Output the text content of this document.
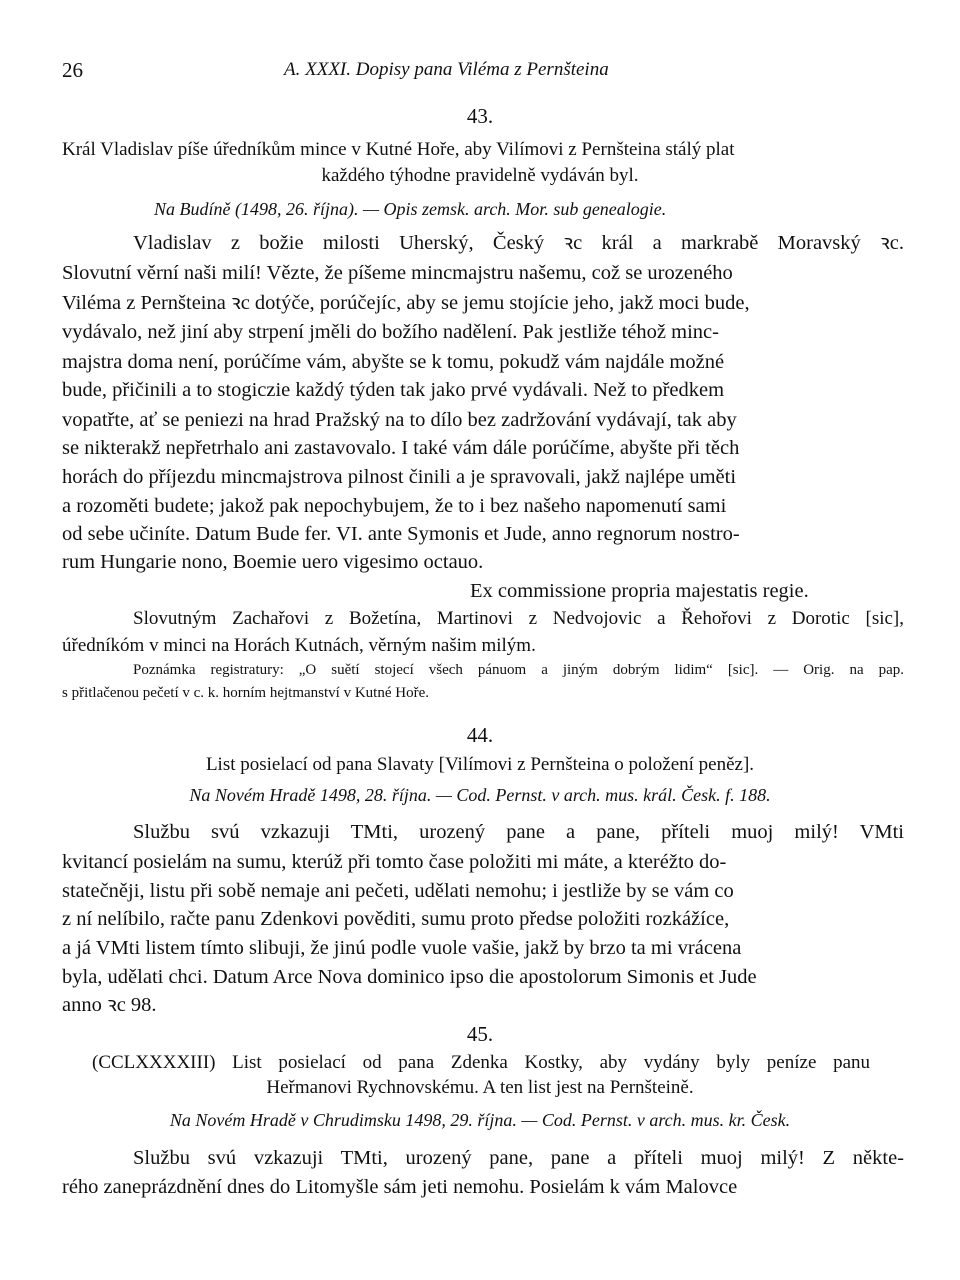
26	A. XXXI. Dopisy pana Viléma z Pernšteina
43.
Král Vladislav píše úředníkům mince v Kutné Hoře, aby Vilímovi z Pernšteina stálý plat
každého týhodne pravidelně vydáván byl.
Na Budíně (1498, 26. října). — Opis zemsk. arch. Mor. sub genealogie.
Vladislav z božie milosti Uherský, Český ꝛc král a markrabě Moravský ꝛc.
Slovutní věrní naši milí! Vězte, že píšeme mincmajstru našemu, což se urozeného
Viléma z Pernšteina ꝛc dotýče, porúčejíc, aby se jemu stojície jeho, jakž moci bude,
vydávalo, než jiní aby strpení jměli do božího nadělení. Pak jestliže téhož minc-
majstra doma není, porúčíme vám, abyšte se k tomu, pokudž vám najdále možné
bude, přičinili a to stogiczie každý týden tak jako prvé vydávali. Než to předkem
vopatřte, ať se peniezi na hrad Pražský na to dílo bez zadržování vydávají, tak aby
se nikterakž nepřetrhalo ani zastavovalo. I také vám dále porúčíme, abyšte při těch
horách do příjezdu mincmajstrova pilnost činili a je spravovali, jakž najlépe uměti
a rozoměti budete; jakož pak nepochybujem, že to i bez našeho napomenutí sami
od sebe učiníte. Datum Bude fer. VI. ante Symonis et Jude, anno regnorum nostro-
rum Hungarie nono, Boemie uero vigesimo octauo.
Ex commissione propria majestatis regie.
Slovutným Zachařovi z Božetína, Martinovi z Nedvojovic a Řehořovi z Dorotic [sic],
úředníkóm v minci na Horách Kutnách, věrným našim milým.
Poznámka registratury: „O suětí stojecí všech pánuom a jiným dobrým lidim“ [sic]. — Orig. na pap.
s přitlačenou pečetí v c. k. horním hejtmanství v Kutné Hoře.
44.
List posielací od pana Slavaty [Vilímovi z Pernšteina o položení peněz].
Na Novém Hradě 1498, 28. října. — Cod. Pernst. v arch. mus. král. Česk. f. 188.
Službu svú vzkazuji TMti, urozený pane a pane, příteli muoj milý! VMti
kvitancí posielám na sumu, kterúž při tomto čase položiti mi máte, a kteréžto do-
statečněji, listu při sobě nemaje ani pečeti, udělati nemohu; i jestliže by se vám co
z ní nelíbilo, račte panu Zdenkovi pověditi, sumu proto předse položiti rozkážíce,
a já VMti listem tímto slibuji, že jinú podle vuole vašie, jakž by brzo ta mi vrácena
byla, udělati chci. Datum Arce Nova dominico ipso die apostolorum Simonis et Jude
anno ꝛc 98.
45.
(CCLXXXXIII) List posielací od pana Zdenka Kostky, aby vydány byly peníze panu
Heřmanovi Rychnovskému. A ten list jest na Pernšteině.
Na Novém Hradě v Chrudimsku 1498, 29. října. — Cod. Pernst. v arch. mus. kr. Česk.
Službu svú vzkazuji TMti, urozený pane, pane a příteli muoj milý! Z někte-
rého zaneprázdnění dnes do Litomyšle sám jeti nemohu. Posielám k vám Malovce
